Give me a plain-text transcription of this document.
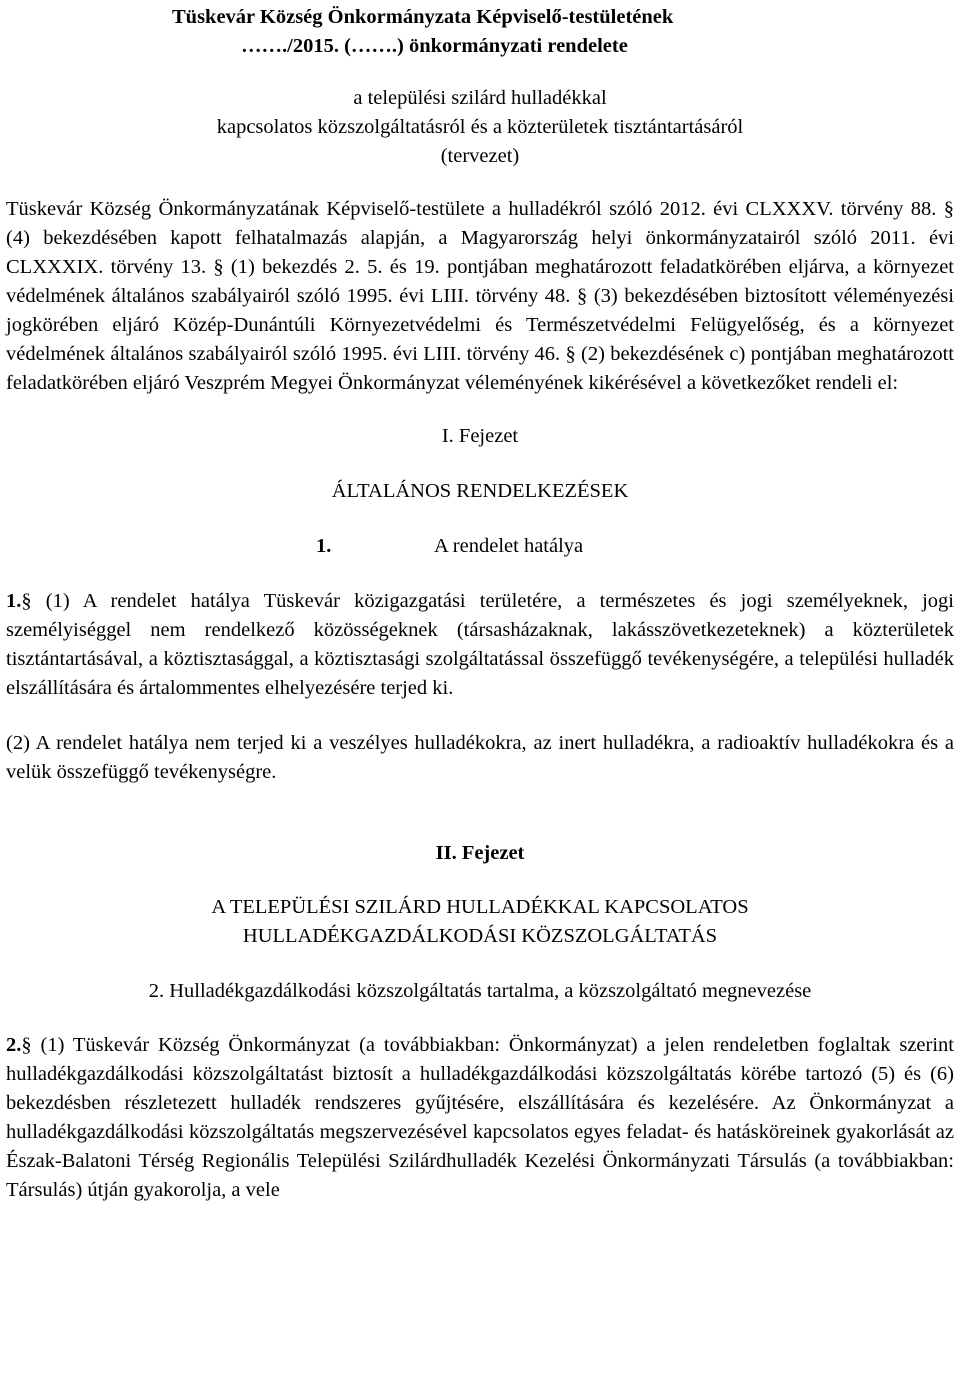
Tüskevár Község Önkormányzata Képviselő-testületének
……./2015. (…….) önkormányzati rendelete
a települési szilárd hulladékkal
kapcsolatos közszolgáltatásról és a közterületek tisztántartásáról
(tervezet)

Tüskevár Község Önkormányzatának Képviselő-testülete a hulladékról szóló 2012. évi CLXXXV. törvény 88. § (4) bekezdésében kapott felhatalmazás alapján, a Magyarország helyi önkormányzatairól szóló 2011. évi CLXXXIX. törvény 13. § (1) bekezdés 2. 5. és 19. pontjában meghatározott feladatkörében eljárva, a környezet védelmének általános szabályairól szóló 1995. évi LIII. törvény 48. § (3) bekezdésében biztosított véleményezési jogkörében eljáró Közép-Dunántúli Környezetvédelmi és Természetvédelmi Felügyelőség, és a környezet védelmének általános szabályairól szóló 1995. évi LIII. törvény 46. § (2) bekezdésének c) pontjában meghatározott feladatkörében eljáró Veszprém Megyei Önkormányzat véleményének kikérésével a következőket rendeli el:

I. Fejezet
ÁLTALÁNOS RENDELKEZÉSEK
1.	A rendelet hatálya

1.§ (1) A rendelet hatálya Tüskevár közigazgatási területére, a természetes és jogi személyeknek, jogi személyiséggel nem rendelkező közösségeknek (társasházaknak, lakásszövetkezeteknek) a közterületek tisztántartásával, a köztisztasággal, a köztisztasági szolgáltatással összefüggő tevékenységére, a települési hulladék elszállítására és ártalommentes elhelyezésére terjed ki.

(2) A rendelet hatálya nem terjed ki a veszélyes hulladékokra, az inert hulladékra, a radioaktív hulladékokra és a velük összefüggő tevékenységre.

II. Fejezet
A TELEPÜLÉSI SZILÁRD HULLADÉKKAL KAPCSOLATOS
HULLADÉKGAZDÁLKODÁSI KÖZSZOLGÁLTATÁS
2. Hulladékgazdálkodási közszolgáltatás tartalma, a közszolgáltató megnevezése

2.§ (1) Tüskevár Község Önkormányzat (a továbbiakban: Önkormányzat) a jelen rendeletben foglaltak szerint hulladékgazdálkodási közszolgáltatást biztosít a hulladékgazdálkodási közszolgáltatás körébe tartozó (5) és (6) bekezdésben részletezett hulladék rendszeres gyűjtésére, elszállítására és kezelésére. Az Önkormányzat a hulladékgazdálkodási közszolgáltatás megszervezésével kapcsolatos egyes feladat- és hatásköreinek gyakorlását az Észak-Balatoni Térség Regionális Települési Szilárdhulladék Kezelési Önkormányzati Társulás (a továbbiakban: Társulás) útján gyakorolja, a vele
